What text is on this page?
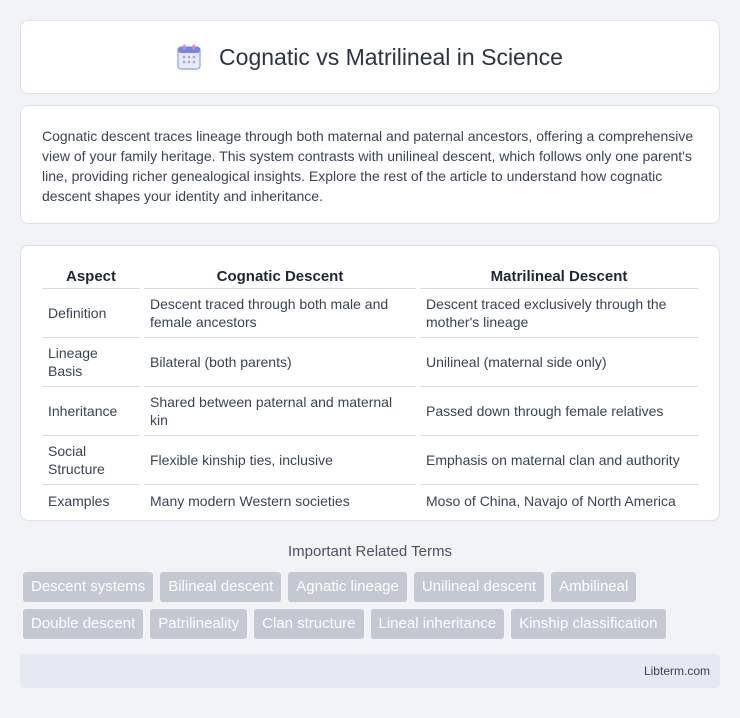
Cognatic vs Matrilineal in Science

Cognatic descent traces lineage through both maternal and paternal ancestors, offering a comprehensive view of your family heritage. This system contrasts with unilineal descent, which follows only one parent's line, providing richer genealogical insights. Explore the rest of the article to understand how cognatic descent shapes your identity and inheritance.

Aspect	Cognatic Descent	Matrilineal Descent
Definition	Descent traced through both male and female ancestors	Descent traced exclusively through the mother's lineage
Lineage Basis	Bilateral (both parents)	Unilineal (maternal side only)
Inheritance	Shared between paternal and maternal kin	Passed down through female relatives
Social Structure	Flexible kinship ties, inclusive	Emphasis on maternal clan and authority
Examples	Many modern Western societies	Moso of China, Navajo of North America
Important Related Terms
Descent systems	Bilineal descent	Agnatic lineage	Unilineal descent	Ambilineal
Double descent	Patrilineality	Clan structure	Lineal inheritance	Kinship classification
Libterm.com
